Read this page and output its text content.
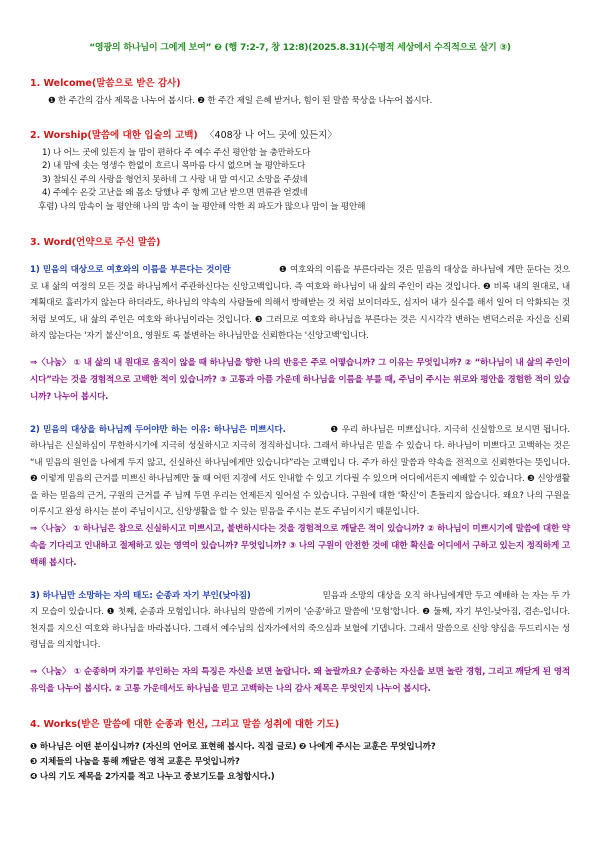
“영광의 하나님이 그에게 보여” ❷ (행 7:2-7, 창 12:8)(2025.8.31)(수평적 세상에서 수직적으로 살기 ③)
1. Welcome(말씀으로 받은 감사)
❶ 한 주간의 감사 제목을 나누어 봅시다. ❷ 한 주간 제일 은혜 받거나, 힘이 된 말씀 묵상을 나누어 봅시다.
2. Worship(말씀에 대한 입술의 고백) 〈408장 나 어느 곳에 있든지〉
1) 나 어느 곳에 있든지 늘 맘이 편하다 주 예수 주신 평안함 늘 충만하도다
2) 내 맘에 솟는 영생수 한없이 흐르니 목마름 다시 없으며 늘 평안하도다
3) 참되신 주의 사랑을 형언치 못하네 그 사랑 내 맘 여시고 소망을 주셨네
4) 주예수 온갖 고난을 왜 몸소 당했나 주 항께 고난 받으면 면류관 얻겠네
후렴) 나의 맘속이 늘 평안해 나의 맘 속이 늘 평안해 악한 죄 파도가 많으나 맘이 늘 평안해
3. Word(언약으로 주신 말씀)
1) 믿음의 대상으로 여호와의 이름을 부른다는 것이란	❶ 여호와의 이름을 부른다라는 것은 믿음의 대상을 하나님에 게만 둔다는 것으로 내 삶의 여정의 모든 것을 하나님께서 주관하신다는 신앙고백입니다. 즉 여호와 하나님이 내 삶의 주인이 라는 것입니다. ❷ 비록 내의 원대로, 내 계획대로 흘러가지 않는다 하더라도, 하나님의 약속의 사람들에 의해서 방해받는 것 처럼 보이더라도, 심지어 내가 실수를 해서 일어 더 악화되는 것처럼 보여도, 내 삶의 주인은 여호와 하나님이라는 것입니다. ❸ 그러므로 여호와 하나님을 부른다는 것은 시시각각 변하는 변덕스러운 자신을 신뢰하지 않는다는 '자기 불신'이요, 영원토 록 불변하는 하나님만을 신뢰한다는 '신앙고백'입니다.
⇒〈나눔〉 ① 내 삶의 내 원대로 움직이 않을 때 하나님을 향한 나의 반응은 주로 어떻습니까? 그 이유는 무엇입니까? ② “하나님이 내 삶의 주인이시다”라는 것을 경험적으로 고백한 적이 있습니까? ③ 고통과 아픔 가운데 하나님을 이름을 부를 때, 주님이 주시는 위로와 평안을 경험한 적이 있습니까? 나누어 봅시다.
2) 믿음의 대상을 하나님께 두어야만 하는 이유: 하나님은 미쁘시다.	❶ 우리 하나님은 미쁘십니다. 지극히 신실함으로 보시면 됩니다. 하나님은 신실하심이 무한하시기에 지극히 성실하시고 지극히 정직하십니다. 그래서 하나님은 믿을 수 있습니 다. 하나님이 미쁘다고 고백하는 것은 “내 믿음의 원인을 나에게 두지 않고, 신실하신 하나님에게만 있습니다”라는 고백입니 다. 주가 하신 말씀과 약속을 전적으로 신뢰한다는 뜻입니다. ❷ 이렇게 믿음의 근거를 미쁘신 하나님께만 둘 때 어떤 지경에 서도 인내할 수 있고 기다릴 수 있으며 어디에서든지 예배할 수 있습니다. ❸ 신앙생활을 하는 믿음의 근거, 구원의 근거를 주 님께 두면 우리는 언제든지 일어설 수 있습니다. 구원에 대한 '확신'이 흔들리지 않습니다. 왜요? 나의 구원을 이루시고 완성 하시는 분이 주님이시고, 신앙생활을 할 수 있는 믿음을 주시는 분도 주님이시기 때문입니다.
⇒〈나눔〉 ① 하나님은 참으로 신실하시고 미쁘시고, 불변하시다는 것을 경험적으로 깨달은 적이 있습니까? ② 하나님이 미쁘시기에 말씀에 대한 약속을 기다리고 인내하고 절제하고 있는 영역이 있습니까? 무엇입니까? ③ 나의 구원이 안전한 것에 대한 확신을 어디에서 구하고 있는지 정직하게 고백해 봅시다.
3) 하나님만 소망하는 자의 태도: 순종과 자기 부인(낮아짐)	믿음과 소망의 대상을 오직 하나님에게만 두고 예배하 는 자는 두 가지 모습이 있습니다. ❶ 첫째, 순종과 모험입니다. 하나님의 말씀에 기꺼이 '순종'하고 말씀에 '모험'합니다. ❷ 둘째, 자기 부인-낮아짐, 겸손-입니다. 천지를 지으신 여호와 하나님을 바라봅니다. 그래서 예수님의 십자가에서의 죽으심과 보혈에 기댑니다. 그래서 말씀으로 신앙 양심을 두드리시는 성령님을 의지합니다.
⇒〈나눔〉 ① 순종하며 자기를 부인하는 자의 특징은 자신을 보면 놀랍니다. 왜 놀랄까요? 순종하는 자신을 보면 놀란 경험, 그리고 깨닫게 된 영적 유익을 나누어 봅시다. ② 고통 가운데서도 하나님을 믿고 고백하는 나의 감사 제목은 무엇인지 나누어 봅시다.
4. Works(받은 말씀에 대한 순종과 헌신, 그리고 말씀 성취에 대한 기도)
❶ 하나님은 어떤 분이십니까? (자신의 언어로 표현해 봅시다. 직접 글로) ❷ 나에게 주시는 교훈은 무엇입니까?
❸ 지체들의 나눔을 통해 깨달은 영적 교훈은 무엇입니까?
❹ 나의 기도 제목을 2가지를 적고 나누고 중보기도를 요청합시다.)
